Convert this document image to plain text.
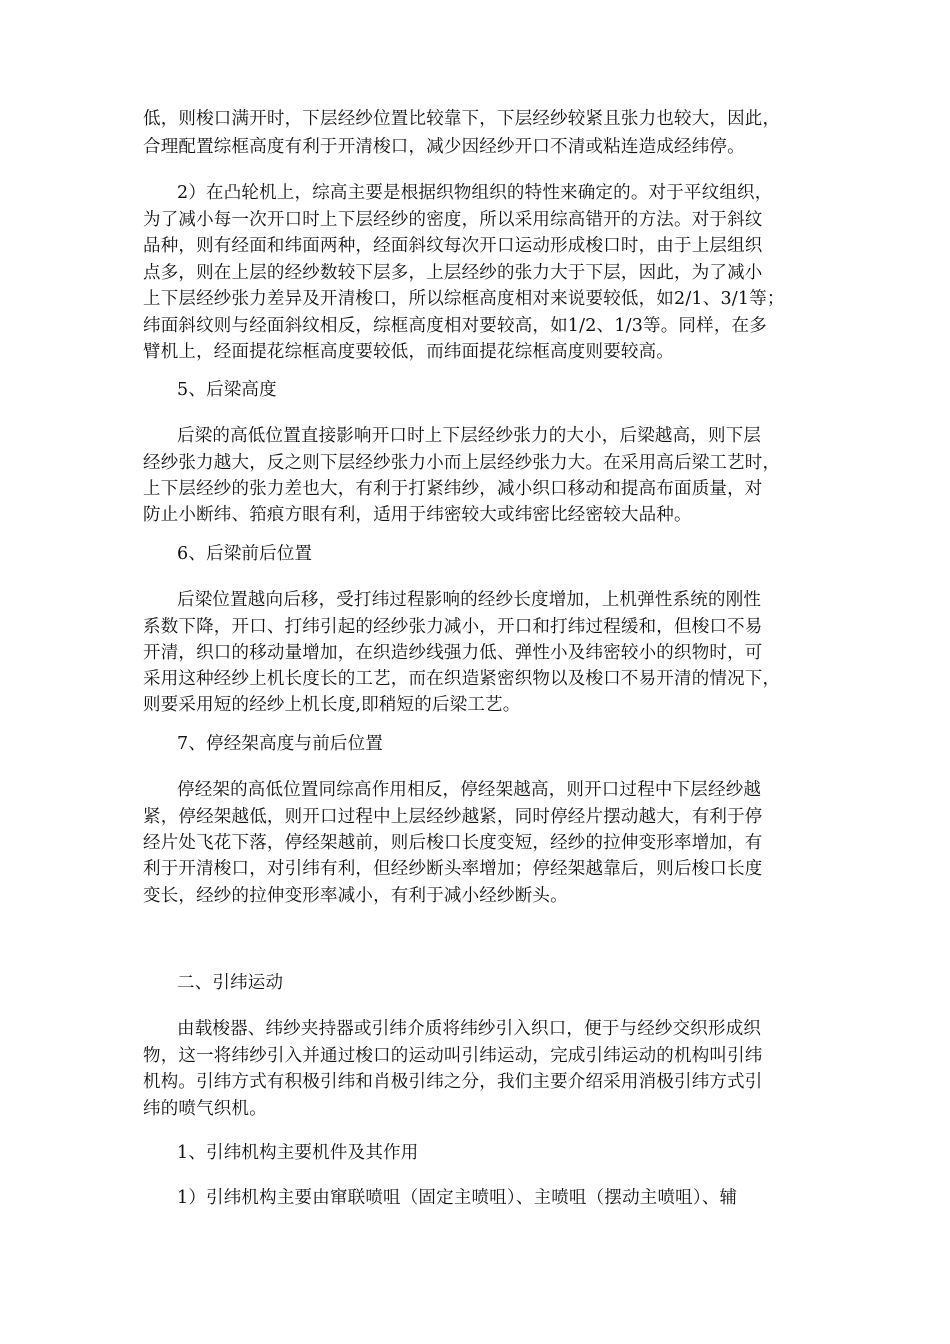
低，则梭口满开时，下层经纱位置比较靠下，下层经纱较紧且张力也较大，因此，
合理配置综框高度有利于开清梭口，减少因经纱开口不清或粘连造成经纬停。
2）在凸轮机上，综高主要是根据织物组织的特性来确定的。对于平纹组织，
为了减小每一次开口时上下层经纱的密度，所以采用综高错开的方法。对于斜纹
品种，则有经面和纬面两种，经面斜纹每次开口运动形成梭口时，由于上层组织
点多，则在上层的经纱数较下层多，上层经纱的张力大于下层，因此，为了减小
上下层经纱张力差异及开清梭口，所以综框高度相对来说要较低，如2/1、3/1等；
纬面斜纹则与经面斜纹相反，综框高度相对要较高，如1/2、1/3等。同样，在多
臂机上，经面提花综框高度要较低，而纬面提花综框高度则要较高。
5、后梁高度
后梁的高低位置直接影响开口时上下层经纱张力的大小，后梁越高，则下层
经纱张力越大，反之则下层经纱张力小而上层经纱张力大。在采用高后梁工艺时，
上下层经纱的张力差也大，有利于打紧纬纱，减小织口移动和提高布面质量，对
防止小断纬、筘痕方眼有利，适用于纬密较大或纬密比经密较大品种。
6、后梁前后位置
后梁位置越向后移，受打纬过程影响的经纱长度增加，上机弹性系统的刚性
系数下降，开口、打纬引起的经纱张力减小，开口和打纬过程缓和，但梭口不易
开清，织口的移动量增加，在织造纱线强力低、弹性小及纬密较小的织物时，可
采用这种经纱上机长度长的工艺，而在织造紧密织物以及梭口不易开清的情况下，
则要采用短的经纱上机长度,即稍短的后梁工艺。
7、停经架高度与前后位置
停经架的高低位置同综高作用相反，停经架越高，则开口过程中下层经纱越
紧，停经架越低，则开口过程中上层经纱越紧，同时停经片摆动越大，有利于停
经片处飞花下落，停经架越前，则后梭口长度变短，经纱的拉伸变形率增加，有
利于开清梭口，对引纬有利，但经纱断头率增加；停经架越靠后，则后梭口长度
变长，经纱的拉伸变形率减小，有利于减小经纱断头。
二、引纬运动
由载梭器、纬纱夹持器或引纬介质将纬纱引入织口，便于与经纱交织形成织
物，这一将纬纱引入并通过梭口的运动叫引纬运动，完成引纬运动的机构叫引纬
机构。引纬方式有积极引纬和肖极引纬之分，我们主要介绍采用消极引纬方式引
纬的喷气织机。
1、引纬机构主要机件及其作用
1）引纬机构主要由窜联喷咀（固定主喷咀）、主喷咀（摆动主喷咀）、辅
